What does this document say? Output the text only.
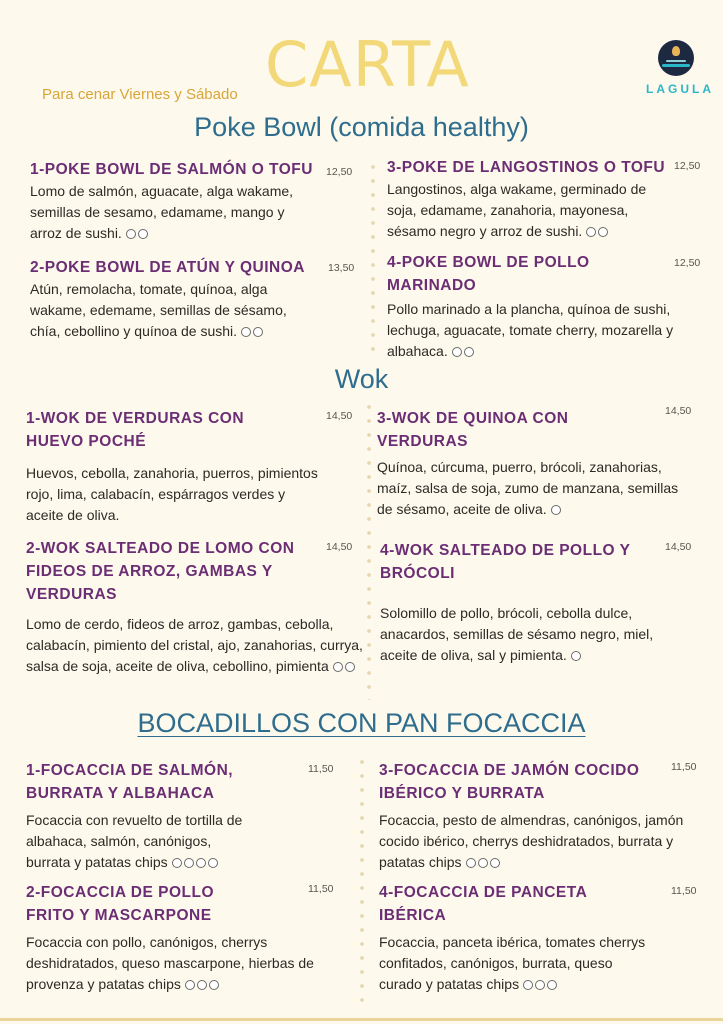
CARTA
Para cenar Viernes y Sábado	LAGULA
Poke Bowl (comida healthy)
Wok
BOCADILLOS CON PAN FOCACCIA
1-POKE BOWL DE SALMÓN O TOFU	12,50
Lomo de salmón, aguacate, alga wakame, semillas de sesamo, edamame, mango y arroz de sushi.
2-POKE BOWL DE ATÚN Y QUINOA	13,50
Atún, remolacha, tomate, quínoa, alga wakame, edemame, semillas de sésamo, chía, cebollino y quínoa de sushi.
3-POKE DE LANGOSTINOS O TOFU 12,50
Langostinos, alga wakame, germinado de soja, edamame, zanahoria, mayonesa, sésamo negro y arroz de sushi.
4-POKE BOWL DE POLLO MARINADO
12,50
Pollo marinado a la plancha, quínoa de sushi, lechuga, aguacate, tomate cherry, mozarella y albahaca.
1-WOK DE VERDURAS CON HUEVO POCHÉ
14,50
Huevos, cebolla, zanahoria, puerros, pimientos rojo, lima, calabacín, espárragos verdes y aceite de oliva.
2-WOK SALTEADO DE LOMO CON FIDEOS DE ARROZ, GAMBAS Y VERDURAS
14,50
Lomo de cerdo, fideos de arroz, gambas, cebolla, calabacín, pimiento del cristal, ajo, zanahorias, currya, salsa de soja, aceite de oliva, cebollino, pimienta
3-WOK DE QUINOA CON VERDURAS
14,50
Quínoa, cúrcuma, puerro, brócoli, zanahorias, maíz, salsa de soja, zumo de manzana, semillas de sésamo, aceite de oliva.
4-WOK SALTEADO DE POLLO Y BRÓCOLI
14,50
Solomillo de pollo, brócoli, cebolla dulce, anacardos, semillas de sésamo negro, miel, aceite de oliva, sal y pimienta.
1-FOCACCIA DE SALMÓN, BURRATA Y ALBAHACA
11,50
Focaccia con revuelto de tortilla de albahaca, salmón, canónigos, burrata y patatas chips
2-FOCACCIA DE POLLO FRITO Y MASCARPONE
11,50
Focaccia con pollo, canónigos, cherrys deshidratados, queso mascarpone, hierbas de provenza y patatas chips
3-FOCACCIA DE JAMÓN COCIDO IBÉRICO Y BURRATA
11,50
Focaccia, pesto de almendras, canónigos, jamón cocido ibérico, cherrys deshidratados, burrata y patatas chips
4-FOCACCIA DE PANCETA IBÉRICA
11,50
Focaccia, panceta ibérica, tomates cherrys confitados, canónigos, burrata, queso curado y patatas chips
